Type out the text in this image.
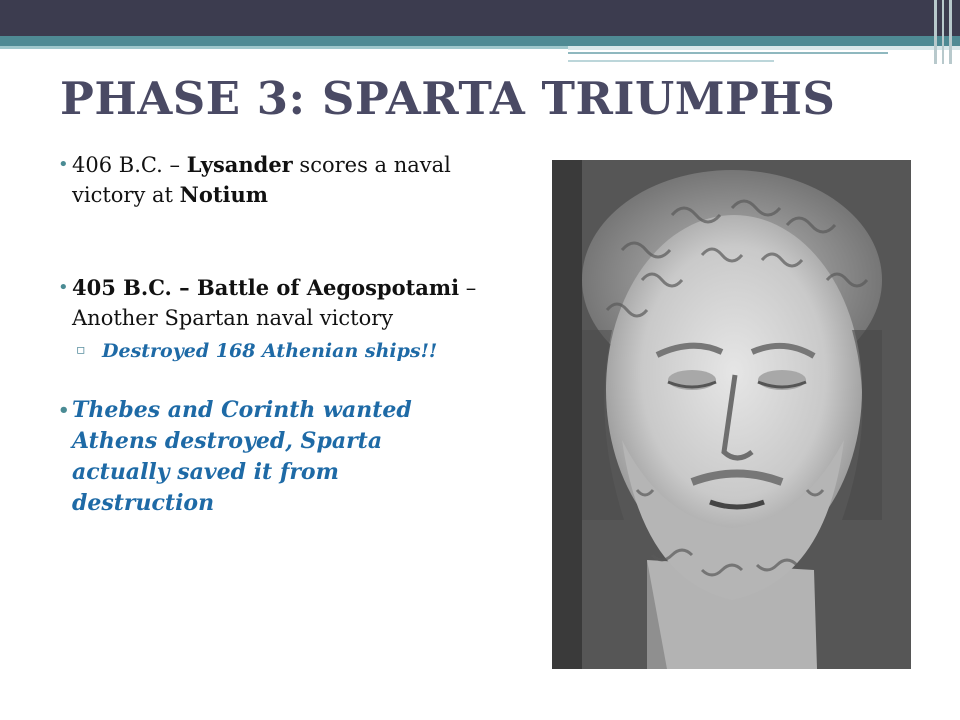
PHASE 3: SPARTA TRIUMPHS
• 406 B.C. – Lysander scores a naval victory at Notium
• 405 B.C. – Battle of Aegospotami – Another Spartan naval victory
▫ Destroyed 168 Athenian ships!!
• Thebes and Corinth wanted Athens destroyed, Sparta actually saved it from destruction
